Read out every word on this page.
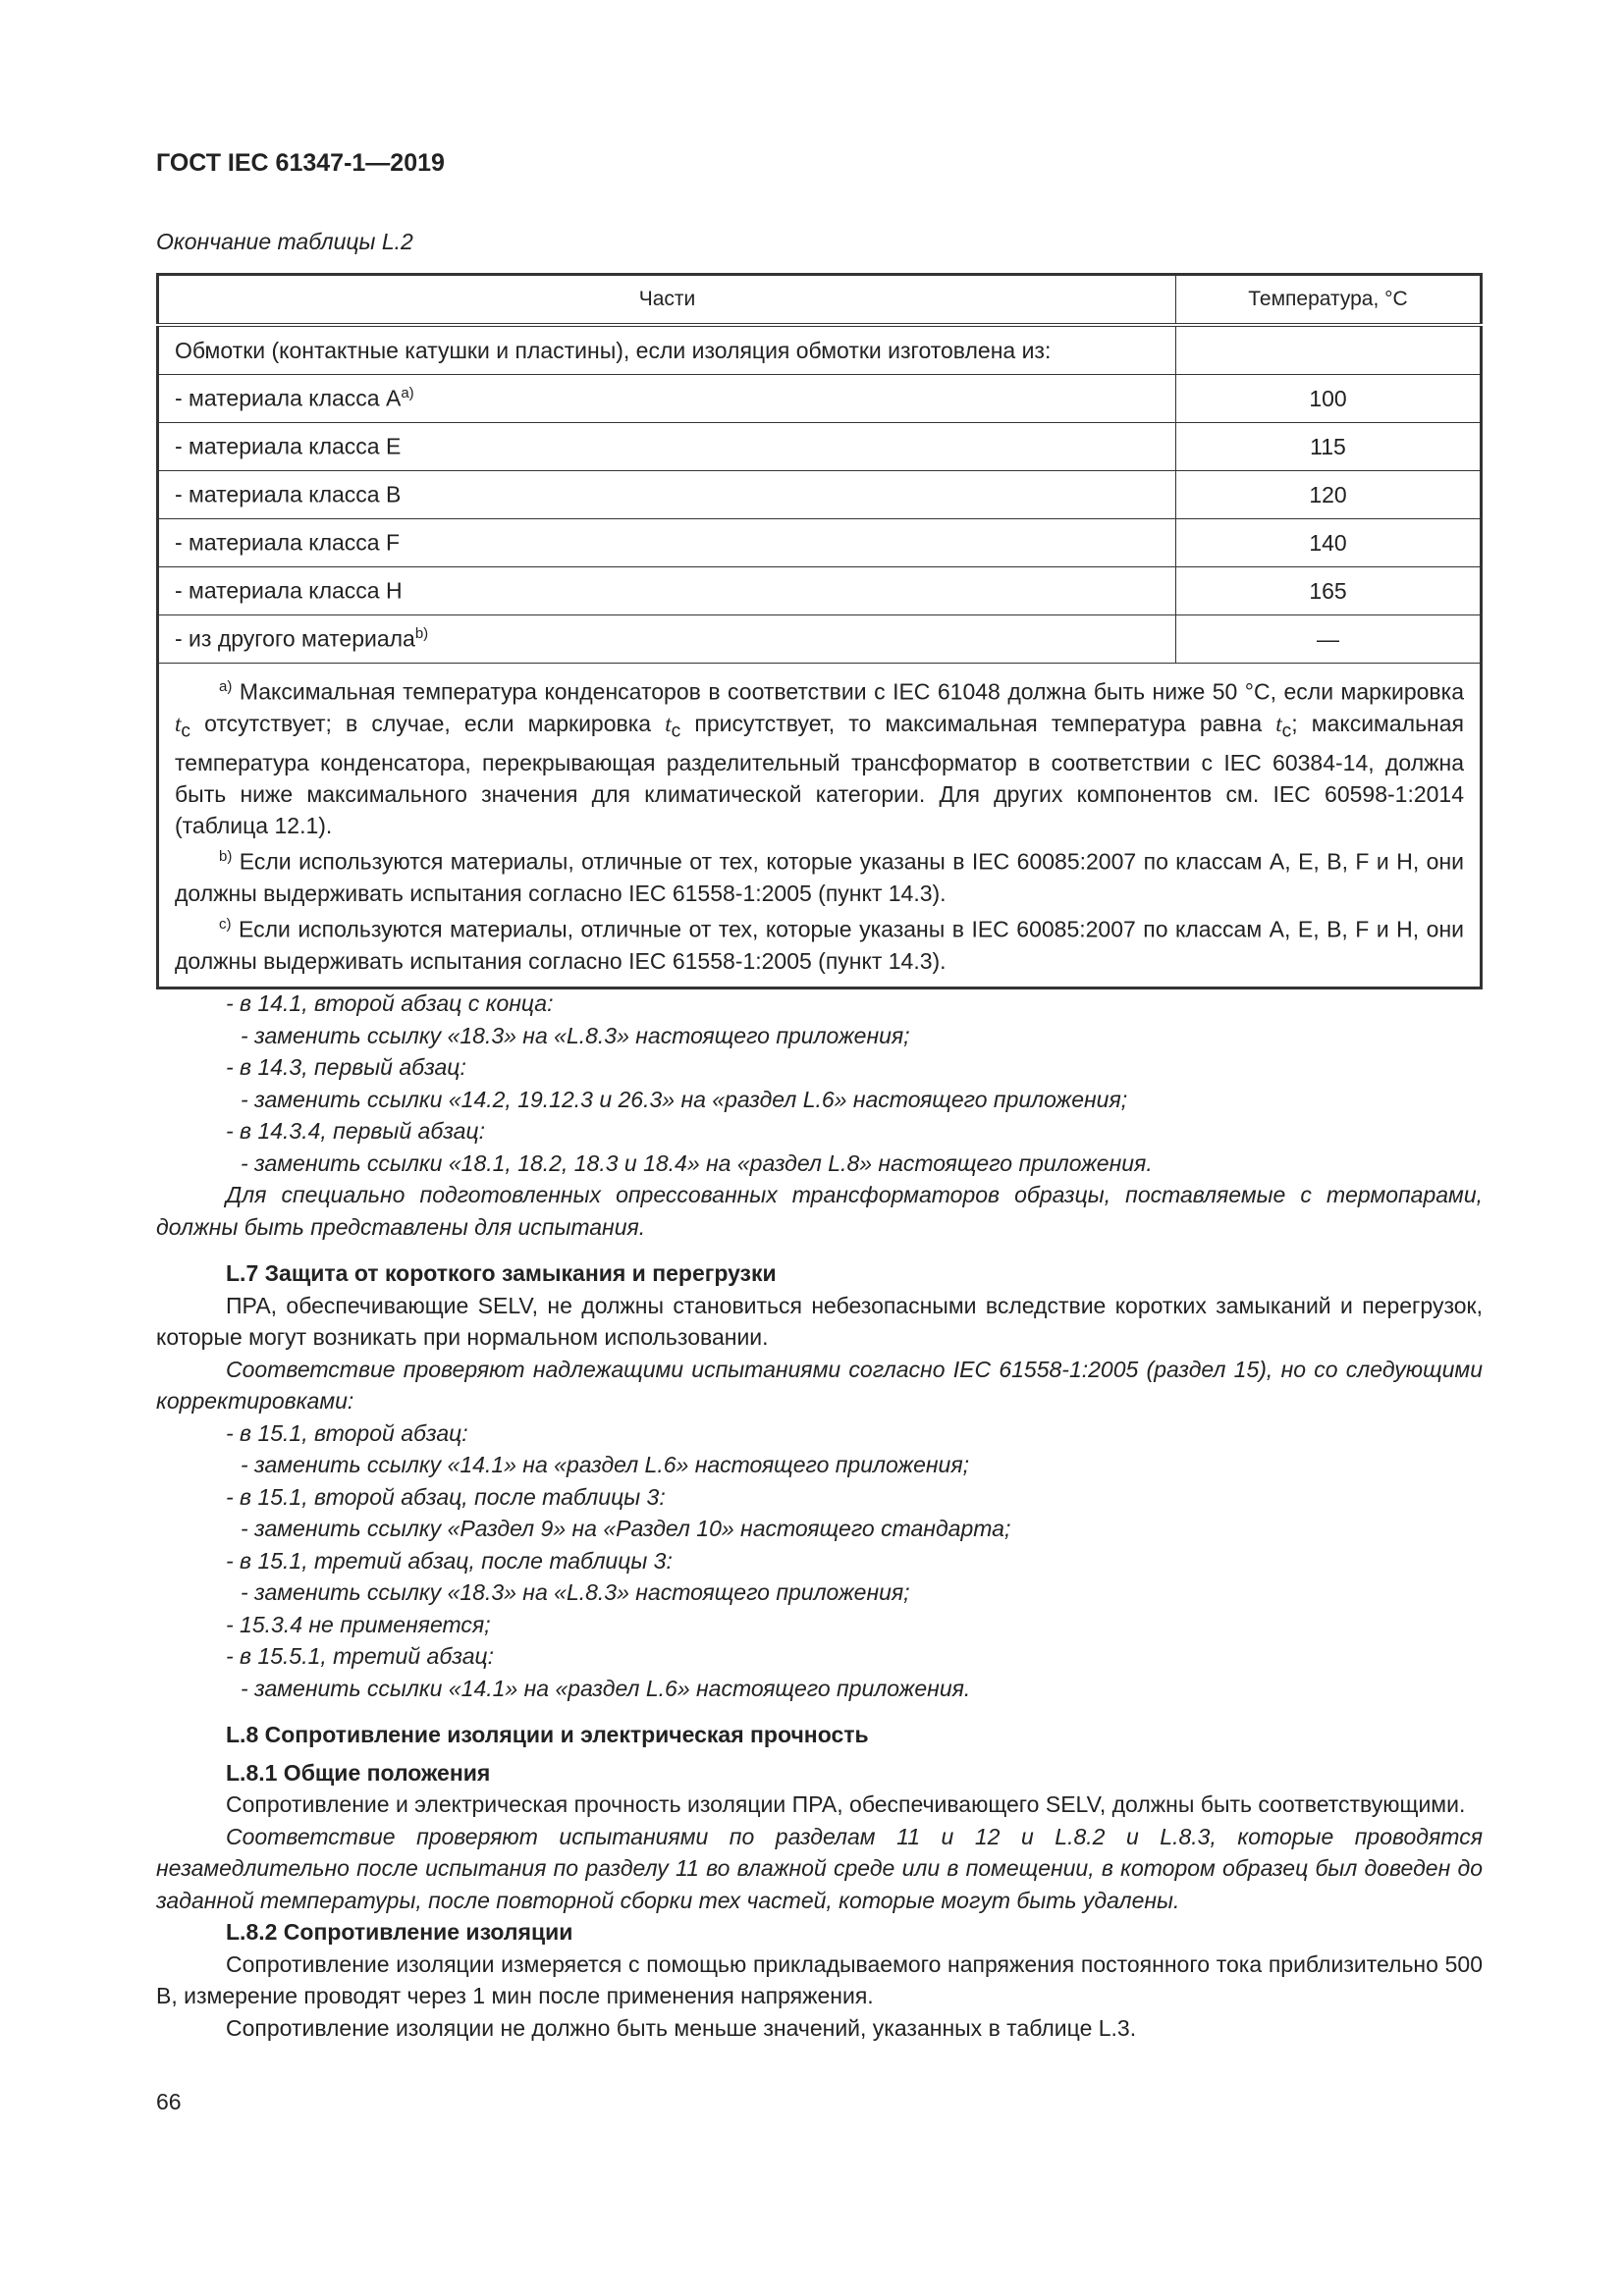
ГОСТ IEC 61347-1—2019
Окончание таблицы L.2
Части	Температура, °С
Обмотки (контактные катушки и пластины), если изоляция обмотки изготовлена из:	
- материала класса $А^{a)}$	100
- материала класса Е	115
- материала класса В	120
- материала класса F	140
- материала класса Н	165
- из другого материала$^{b)}$	—

$^{a)}$ Максимальная температура конденсаторов в соответствии с IEC 61048 должна быть ниже 50 °С, если маркировка $t_c$ отсутствует; в случае, если маркировка $t_c$ присутствует, то максимальная температура равна $t_c$; максимальная температура конденсатора, перекрывающая разделительный трансформатор в соответствии с IEC 60384-14, должна быть ниже максимального значения для климатической категории. Для других компонентов см. IEC 60598-1:2014 (таблица 12.1).
$^{b)}$ Если используются материалы, отличные от тех, которые указаны в IEC 60085:2007 по классам А, Е, В, F и Н, они должны выдерживать испытания согласно IEC 61558-1:2005 (пункт 14.3).
$^{c)}$ Если используются материалы, отличные от тех, которые указаны в IEC 60085:2007 по классам А, Е, В, F и Н, они должны выдерживать испытания согласно IEC 61558-1:2005 (пункт 14.3).	

- в 14.1, второй абзац с конца:

- заменить ссылку «18.3» на «L.8.3» настоящего приложения;

- в 14.3, первый абзац:

- заменить ссылки «14.2, 19.12.3 и 26.3» на «раздел L.6» настоящего приложения;

- в 14.3.4, первый абзац:

- заменить ссылки «18.1, 18.2, 18.3 и 18.4» на «раздел L.8» настоящего приложения.

Для специально подготовленных опрессованных трансформаторов образцы, поставляемые с термопарами, должны быть представлены для испытания.

L.7 Защита от короткого замыкания и перегрузки

ПРА, обеспечивающие SELV, не должны становиться небезопасными вследствие коротких замыканий и перегрузок, которые могут возникать при нормальном использовании.

Соответствие проверяют надлежащими испытаниями согласно IEC 61558-1:2005 (раздел 15), но со следующими корректировками:

- в 15.1, второй абзац:

- заменить ссылку «14.1» на «раздел L.6» настоящего приложения;

- в 15.1, второй абзац, после таблицы 3:

- заменить ссылку «Раздел 9» на «Раздел 10» настоящего стандарта;

- в 15.1, третий абзац, после таблицы 3:

- заменить ссылку «18.3» на «L.8.3» настоящего приложения;

- 15.3.4 не применяется;

- в 15.5.1, третий абзац:

- заменить ссылки «14.1» на «раздел L.6» настоящего приложения.

L.8 Сопротивление изоляции и электрическая прочность

L.8.1 Общие положения

Сопротивление и электрическая прочность изоляции ПРА, обеспечивающего SELV, должны быть соответствующими.

Соответствие проверяют испытаниями по разделам 11 и 12 и L.8.2 и L.8.3, которые проводятся незамедлительно после испытания по разделу 11 во влажной среде или в помещении, в котором образец был доведен до заданной температуры, после повторной сборки тех частей, которые могут быть удалены.

L.8.2 Сопротивление изоляции

Сопротивление изоляции измеряется с помощью прикладываемого напряжения постоянного тока приблизительно 500 В, измерение проводят через 1 мин после применения напряжения.

Сопротивление изоляции не должно быть меньше значений, указанных в таблице L.3.

66
